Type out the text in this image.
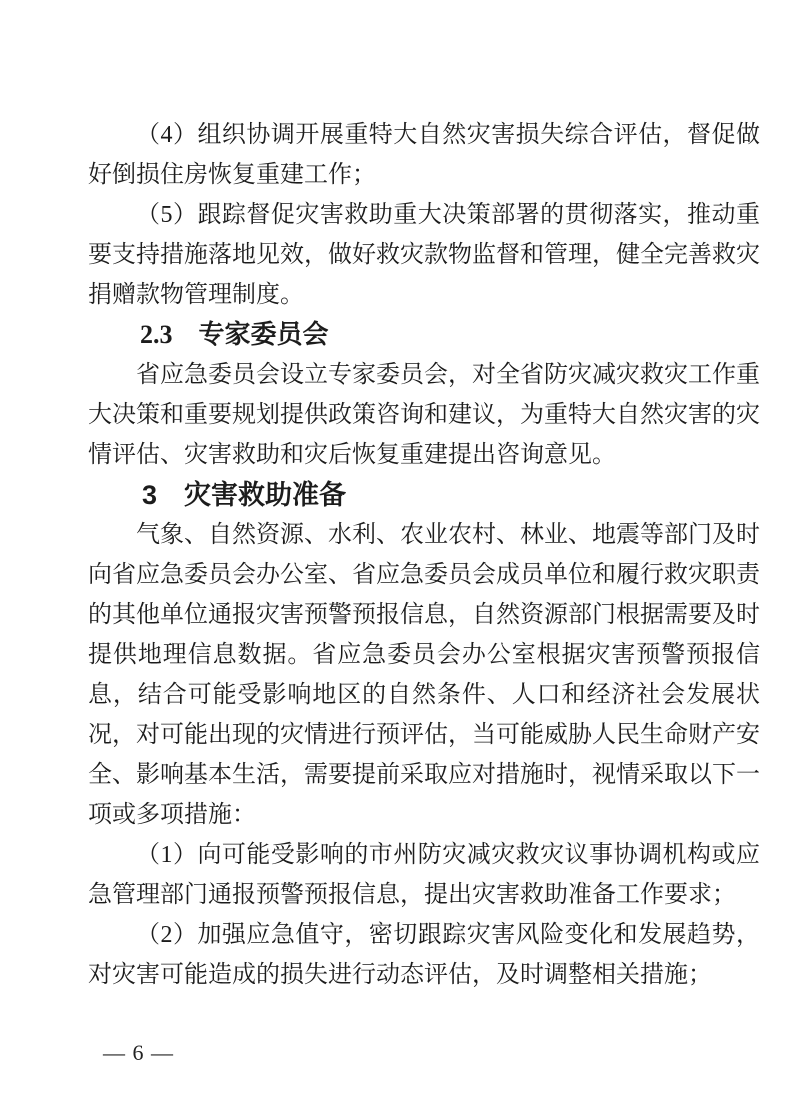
（4）组织协调开展重特大自然灾害损失综合评估，督促做好倒损住房恢复重建工作；

（5）跟踪督促灾害救助重大决策部署的贯彻落实，推动重要支持措施落地见效，做好救灾款物监督和管理，健全完善救灾捐赠款物管理制度。

2.3　专家委员会

省应急委员会设立专家委员会，对全省防灾减灾救灾工作重大决策和重要规划提供政策咨询和建议，为重特大自然灾害的灾情评估、灾害救助和灾后恢复重建提出咨询意见。

3　灾害救助准备

气象、自然资源、水利、农业农村、林业、地震等部门及时向省应急委员会办公室、省应急委员会成员单位和履行救灾职责的其他单位通报灾害预警预报信息，自然资源部门根据需要及时提供地理信息数据。省应急委员会办公室根据灾害预警预报信息，结合可能受影响地区的自然条件、人口和经济社会发展状况，对可能出现的灾情进行预评估，当可能威胁人民生命财产安全、影响基本生活，需要提前采取应对措施时，视情采取以下一项或多项措施：

（1）向可能受影响的市州防灾减灾救灾议事协调机构或应急管理部门通报预警预报信息，提出灾害救助准备工作要求；

（2）加强应急值守，密切跟踪灾害风险变化和发展趋势，对灾害可能造成的损失进行动态评估，及时调整相关措施；

— 6 —
